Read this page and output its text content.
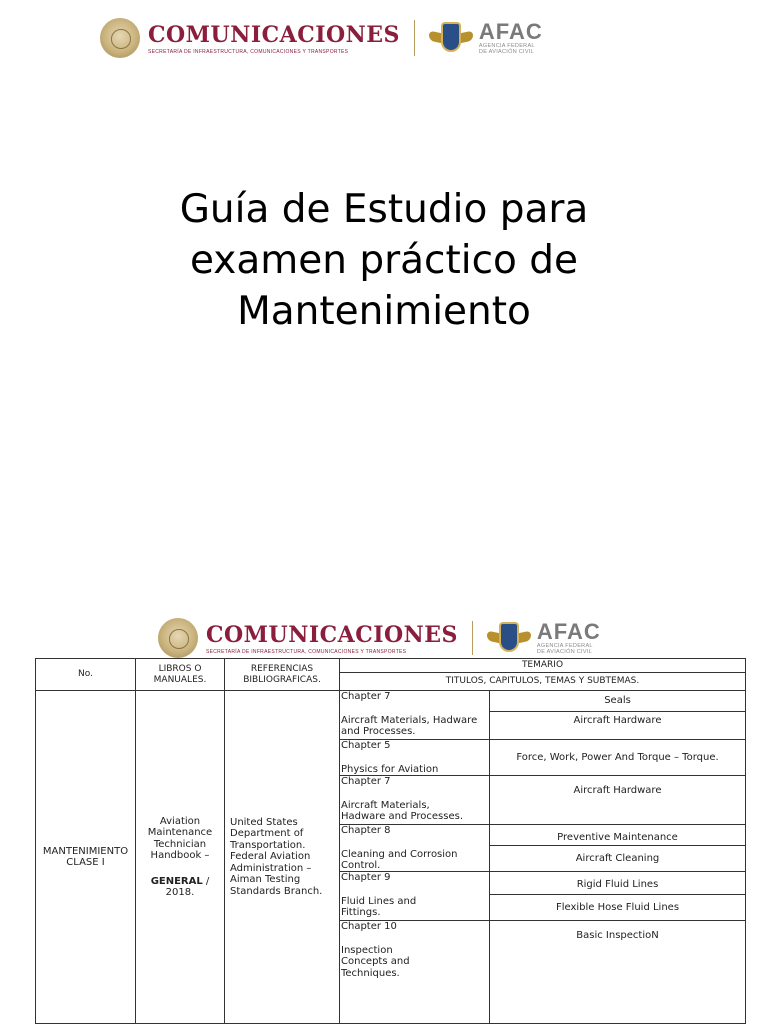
COMUNICACIONES
SECRETARÍA DE INFRAESTRUCTURA, COMUNICACIONES Y TRANSPORTES
AFAC
AGENCIA FEDERAL
DE AVIACIÓN CIVIL
Guía de Estudio para
examen práctico de
Mantenimiento
COMUNICACIONES
SECRETARÍA DE INFRAESTRUCTURA, COMUNICACIONES Y TRANSPORTES
AFAC
AGENCIA FEDERAL
DE AVIACIÓN CIVIL
No.
LIBROS O
MANUALES.
REFERENCIAS
BIBLIOGRAFICAS.
TEMARIO
TITULOS, CAPITULOS, TEMAS Y SUBTEMAS.
MANTENIMIENTO
CLASE I
Aviation
Maintenance
Technician
Handbook –
GENERAL /
2018.
United States
Department of
Transportation.
Federal Aviation
Administration –
Aiman Testing
Standards Branch.
Chapter 7
Aircraft Materials, Hadware
and Processes.
Chapter 5
Physics for Aviation
Chapter 7
Aircraft Materials,
Hadware and Processes.
Chapter 8
Cleaning and Corrosion
Control.
Chapter 9
Fluid Lines and
Fittings.
Chapter 10
Inspection
Concepts and
Techniques.
Seals
Aircraft Hardware
Force, Work, Power And Torque – Torque.
Aircraft Hardware
Preventive Maintenance
Aircraft Cleaning
Rigid Fluid Lines
Flexible Hose Fluid Lines
Basic InspectioN
